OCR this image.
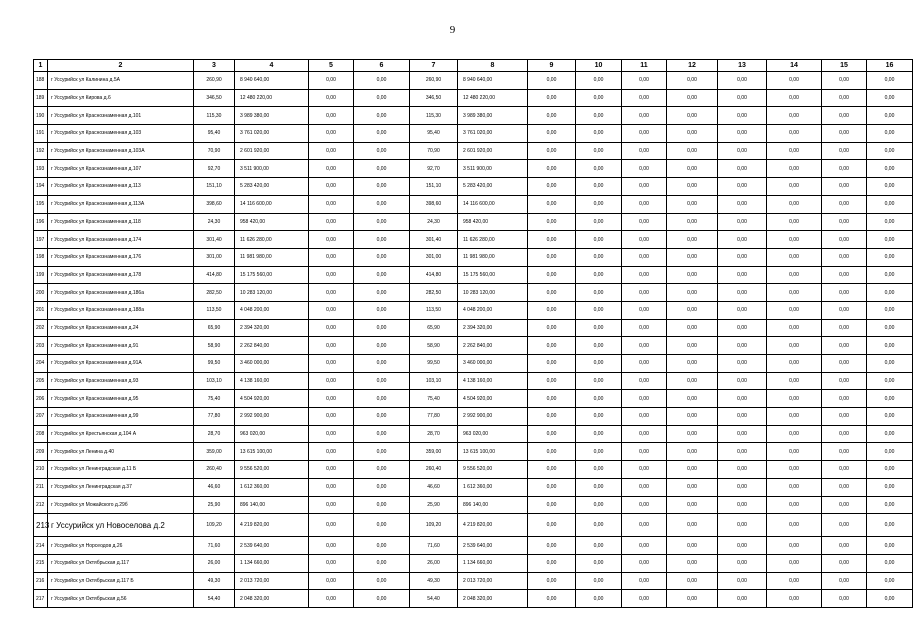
9
1	2	3	4	5	6	7	8	9	10	11	12	13	14	15	16
188	г Уссурийск ул Калинина д.5А	260,90	8 940 640,00	0,00	0,00	260,90	8 940 640,00	0,00	0,00	0,00	0,00	0,00	0,00	0,00	0,00
189	г Уссурийск ул Кирова д.6	346,50	12 480 220,00	0,00	0,00	346,50	12 480 220,00	0,00	0,00	0,00	0,00	0,00	0,00	0,00	0,00
190	г Уссурийск ул Краснознаменная д.101	115,30	3 989 380,00	0,00	0,00	115,30	3 989 380,00	0,00	0,00	0,00	0,00	0,00	0,00	0,00	0,00
191	г Уссурийск ул Краснознаменная д.103	95,40	3 761 020,00	0,00	0,00	95,40	3 761 020,00	0,00	0,00	0,00	0,00	0,00	0,00	0,00	0,00
192	г Уссурийск ул Краснознаменная д.103А	70,90	2 601 920,00	0,00	0,00	70,90	2 601 920,00	0,00	0,00	0,00	0,00	0,00	0,00	0,00	0,00
193	г Уссурийск ул Краснознаменная д.107	92,70	3 511 900,00	0,00	0,00	92,70	3 511 900,00	0,00	0,00	0,00	0,00	0,00	0,00	0,00	0,00
194	г Уссурийск ул Краснознаменная д.113	151,10	5 283 420,00	0,00	0,00	151,10	5 283 420,00	0,00	0,00	0,00	0,00	0,00	0,00	0,00	0,00
195	г Уссурийск ул Краснознаменная д.113А	398,60	14 116 600,00	0,00	0,00	398,60	14 116 600,00	0,00	0,00	0,00	0,00	0,00	0,00	0,00	0,00
196	г Уссурийск ул Краснознаменная д.118	24,30	958 420,00	0,00	0,00	24,30	958 420,00	0,00	0,00	0,00	0,00	0,00	0,00	0,00	0,00
197	г Уссурийск ул Краснознаменная д.174	301,40	11 626 280,00	0,00	0,00	301,40	11 626 280,00	0,00	0,00	0,00	0,00	0,00	0,00	0,00	0,00
198	г Уссурийск ул Краснознаменная д.176	301,00	11 981 980,00	0,00	0,00	301,00	11 981 980,00	0,00	0,00	0,00	0,00	0,00	0,00	0,00	0,00
199	г Уссурийск ул Краснознаменная д.178	414,80	15 175 560,00	0,00	0,00	414,80	15 175 560,00	0,00	0,00	0,00	0,00	0,00	0,00	0,00	0,00
200	г Уссурийск ул Краснознаменная д.186а	282,50	10 283 120,00	0,00	0,00	282,50	10 283 120,00	0,00	0,00	0,00	0,00	0,00	0,00	0,00	0,00
201	г Уссурийск ул Краснознаменная д.188а	113,50	4 048 200,00	0,00	0,00	113,50	4 048 200,00	0,00	0,00	0,00	0,00	0,00	0,00	0,00	0,00
202	г Уссурийск ул Краснознаменная д.24	65,90	2 394 320,00	0,00	0,00	65,90	2 394 320,00	0,00	0,00	0,00	0,00	0,00	0,00	0,00	0,00
203	г Уссурийск ул Краснознаменная д.91	58,90	2 262 840,00	0,00	0,00	58,90	2 262 840,00	0,00	0,00	0,00	0,00	0,00	0,00	0,00	0,00
204	г Уссурийск ул Краснознаменная д.91А	99,50	3 460 000,00	0,00	0,00	99,50	3 460 000,00	0,00	0,00	0,00	0,00	0,00	0,00	0,00	0,00
205	г Уссурийск ул Краснознаменная д.93	103,10	4 138 160,00	0,00	0,00	103,10	4 138 160,00	0,00	0,00	0,00	0,00	0,00	0,00	0,00	0,00
206	г Уссурийск ул Краснознаменная д.95	75,40	4 504 920,00	0,00	0,00	75,40	4 504 920,00	0,00	0,00	0,00	0,00	0,00	0,00	0,00	0,00
207	г Уссурийск ул Краснознаменная д.99	77,80	2 992 900,00	0,00	0,00	77,80	2 992 900,00	0,00	0,00	0,00	0,00	0,00	0,00	0,00	0,00
208	г Уссурийск ул Крестьянская д.104 А	28,70	963 020,00	0,00	0,00	28,70	963 020,00	0,00	0,00	0,00	0,00	0,00	0,00	0,00	0,00
209	г Уссурийск ул Ленина д.40	359,00	13 615 100,00	0,00	0,00	359,00	13 615 100,00	0,00	0,00	0,00	0,00	0,00	0,00	0,00	0,00
210	г Уссурийск ул Ленинградская д.11 Б	260,40	9 556 520,00	0,00	0,00	260,40	9 556 520,00	0,00	0,00	0,00	0,00	0,00	0,00	0,00	0,00
211	г Уссурийск ул Ленинградская д.37	46,60	1 612 360,00	0,00	0,00	46,60	1 612 360,00	0,00	0,00	0,00	0,00	0,00	0,00	0,00	0,00
212	г Уссурийск ул Можайского д.29б	25,90	896 140,00	0,00	0,00	25,90	896 140,00	0,00	0,00	0,00	0,00	0,00	0,00	0,00	0,00
213	г Уссурийск ул Новоселова д.2	109,20	4 219 820,00	0,00	0,00	109,20	4 219 820,00	0,00	0,00	0,00	0,00	0,00	0,00	0,00	0,00
214	г Уссурийск ул Норсеодов д.26	71,60	2 539 640,00	0,00	0,00	71,60	2 539 640,00	0,00	0,00	0,00	0,00	0,00	0,00	0,00	0,00
215	г Уссурийск ул Октябрьская д.117	26,00	1 134 660,00	0,00	0,00	26,00	1 134 660,00	0,00	0,00	0,00	0,00	0,00	0,00	0,00	0,00
216	г Уссурийск ул Октябрьская д.117 Б	49,30	2 013 720,00	0,00	0,00	49,30	2 013 720,00	0,00	0,00	0,00	0,00	0,00	0,00	0,00	0,00
217	г Уссурийск ул Октябрьская д.56	54,40	2 048 320,00	0,00	0,00	54,40	2 048 320,00	0,00	0,00	0,00	0,00	0,00	0,00	0,00	0,00
